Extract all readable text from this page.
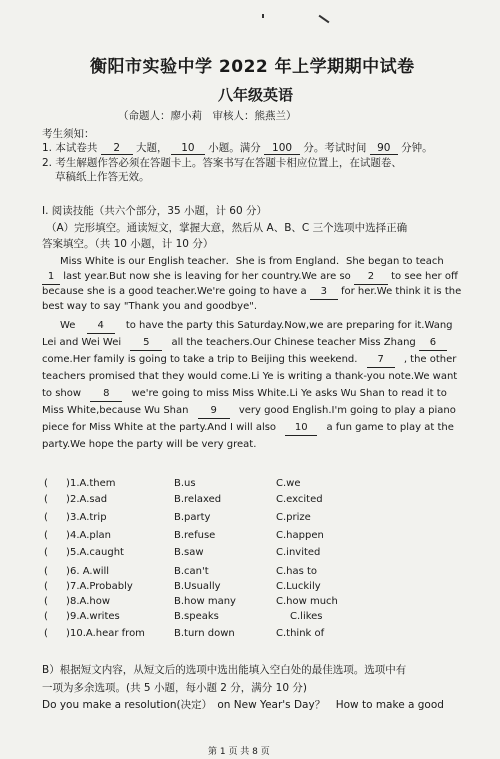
衡阳市实验中学 2022 年上学期期中试卷
八年级英语
（命题人：廖小莉　审核人：熊燕兰）
考生须知：
1. 本试卷共 2 大题， 10 小题。满分 100 分。考试时间 90 分钟。
2. 考生解题作答必须在答题卡上。答案书写在答题卡相应位置上，在试题卷、
草稿纸上作答无效。
I. 阅读技能（共六个部分，35 小题，计 60 分）
（A）完形填空。通读短文，掌握大意，然后从 A、B、C 三个选项中选择正确
答案填空。（共 10 小题，计 10 分）
Miss White is our English teacher．She is from England．She began to teach
1 last year.But now she is leaving for her country.We are so 2 to see her off
because she is a good teacher.We're going to have a 3 for her.We think it is the
best way to say "Thank you and goodbye".
We 4 to have the party this Saturday.Now,we are preparing for it.Wang
Lei and Wei Wei 5 all the teachers.Our Chinese teacher Miss Zhang 6
come.Her family is going to take a trip to Beijing this weekend. 7 , the other
teachers promised that they would come.Li Ye is writing a thank-you note.We want
to show 8 we're going to miss Miss White.Li Ye asks Wu Shan to read it to
Miss White,because Wu Shan 9 very good English.I'm going to play a piano
piece for Miss White at the party.And I will also 10 a fun game to play at the
party.We hope the party will be very great.
( ) 1.A.them	B.us	C.we
( ) 2.A.sad	B.relaxed	C.excited
( ) 3.A.trip	B.party	C.prize
( ) 4.A.plan	B.refuse	C.happen
( ) 5.A.caught	B.saw	C.invited
( ) 6. A.will	B.can't	C.has to
( ) 7.A.Probably	B.Usually	C.Luckily
( ) 8.A.how	B.how many	C.how much
( ) 9.A.writes	B.speaks	C.likes
( ) 10.A.hear from	B.turn down	C.think of
B）根据短文内容，从短文后的选项中选出能填入空白处的最佳选项。选项中有
一项为多余选项。(共 5 小题，每小题 2 分，满分 10 分)
Do you make a resolution(决定）　on New Year's Day？　How to make a good
第 1 页 共 8 页
